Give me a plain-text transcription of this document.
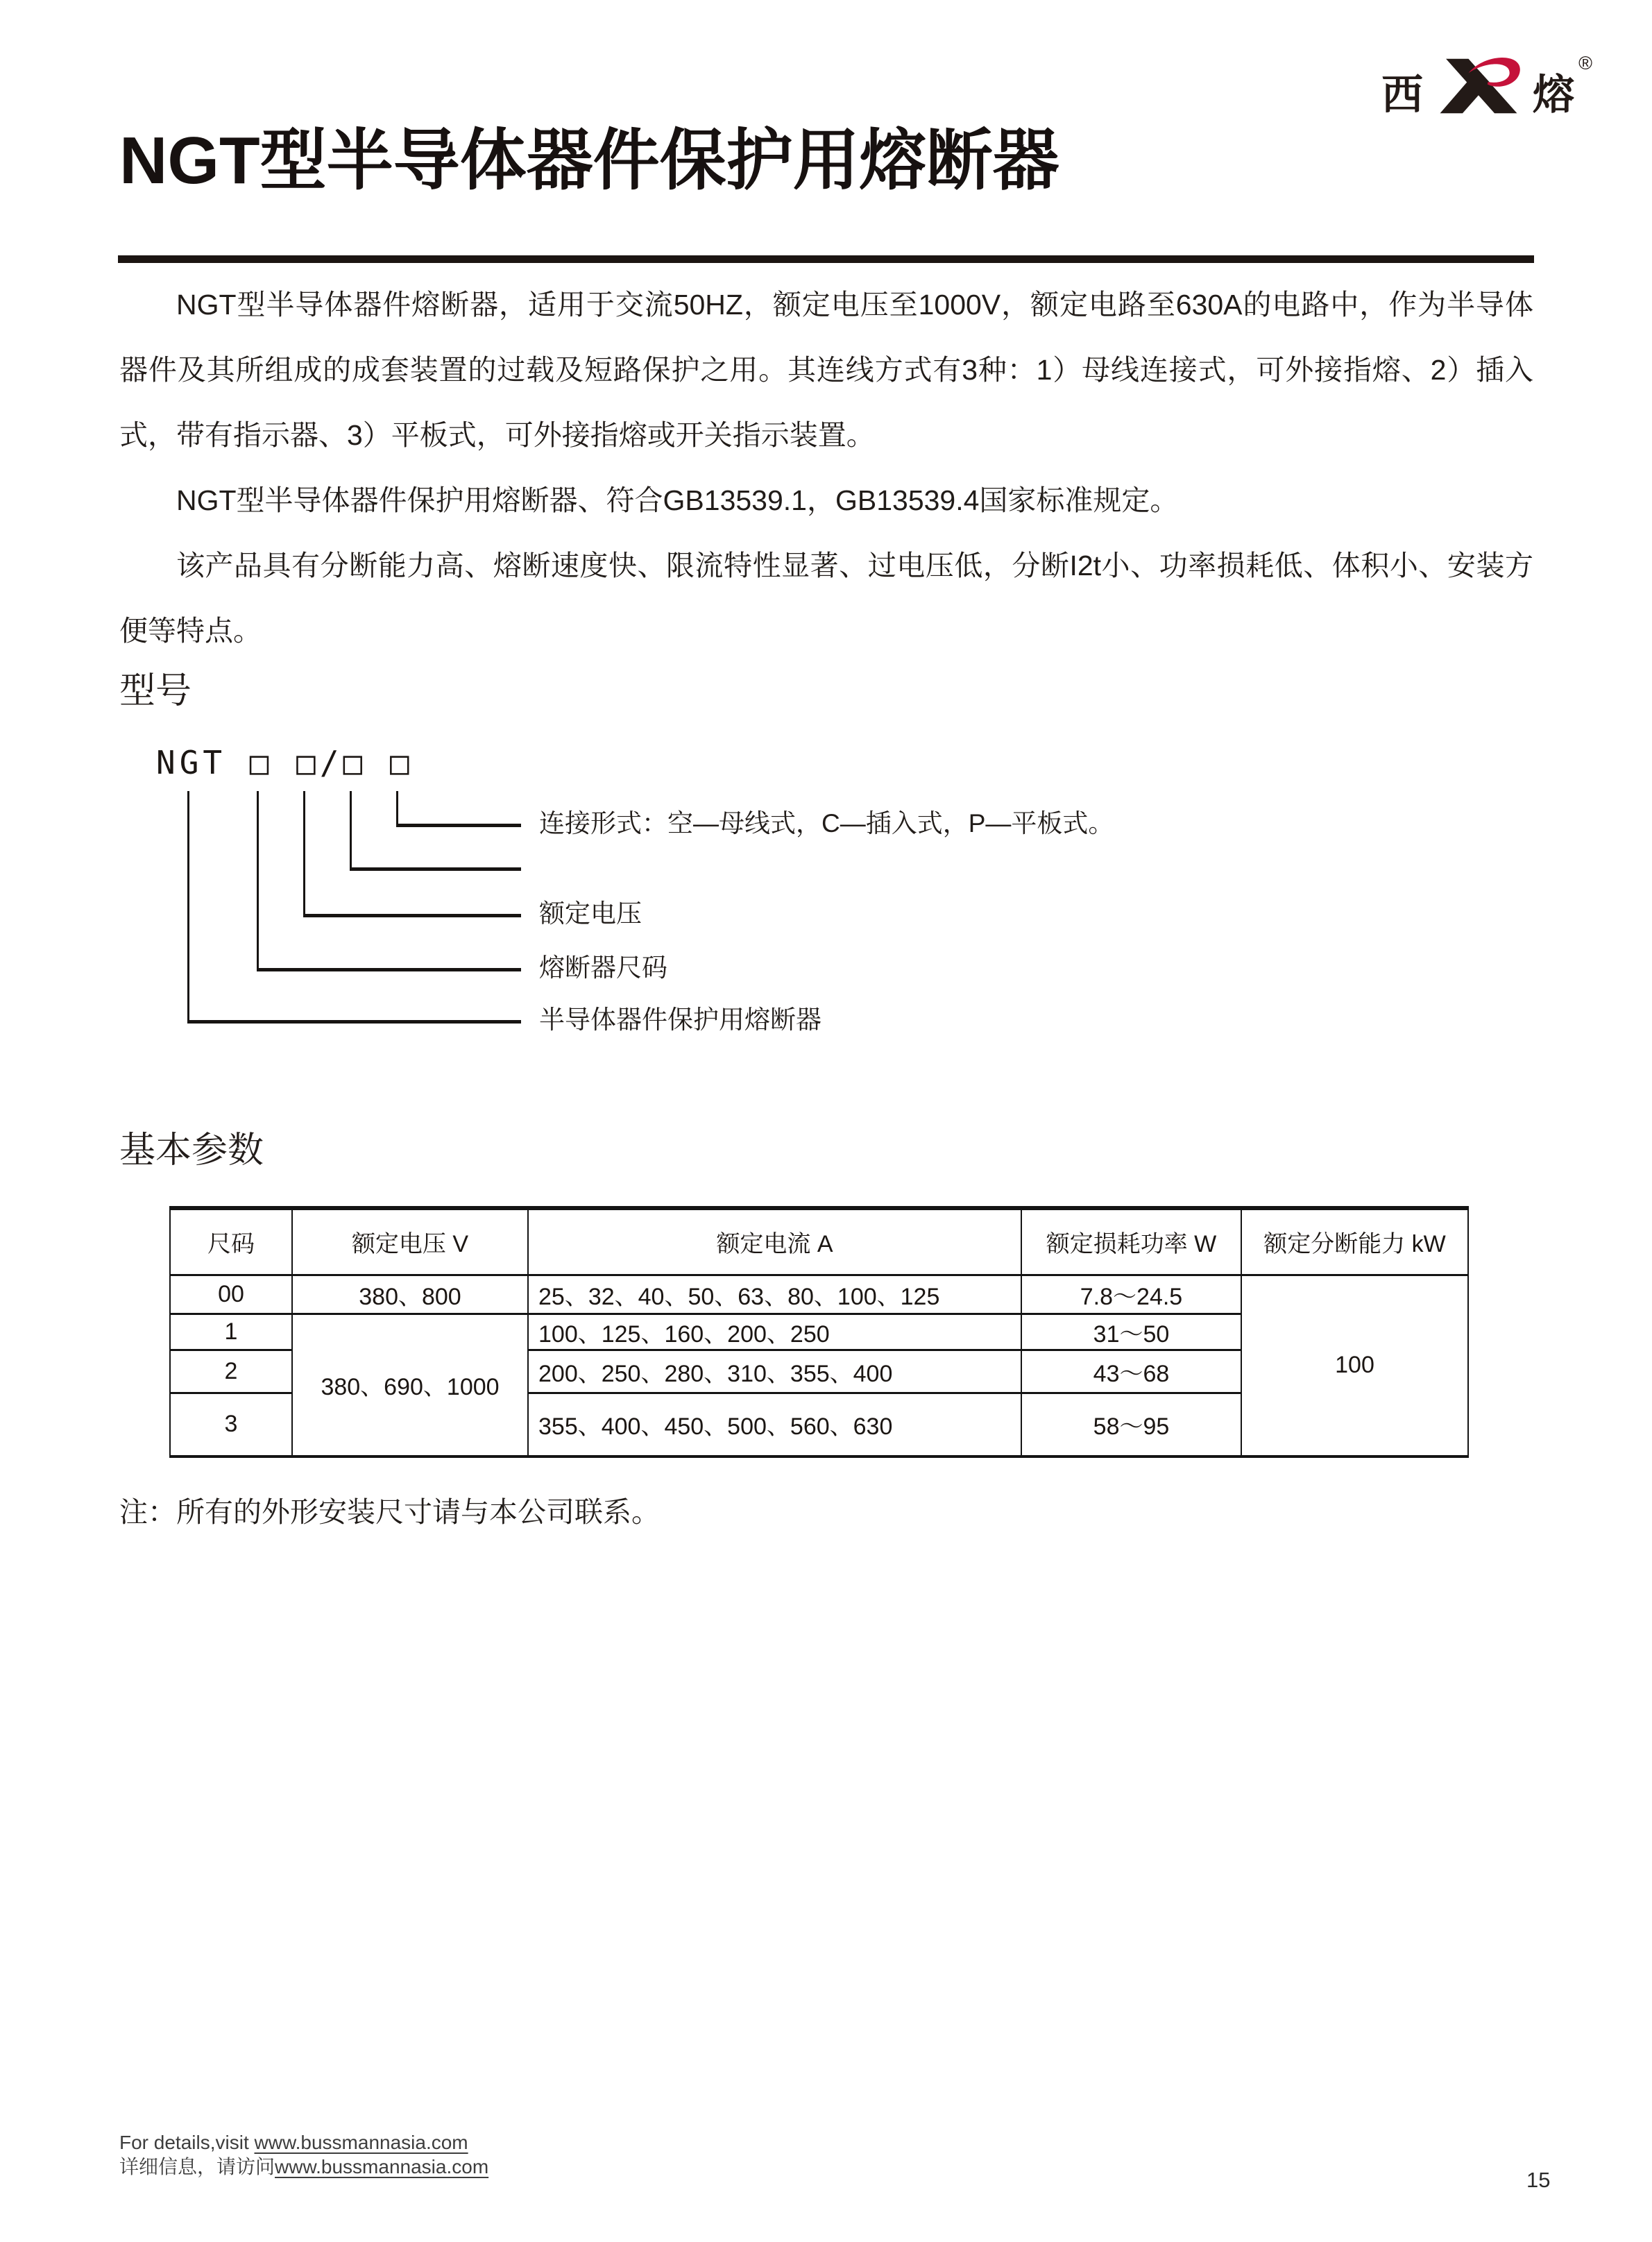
西	熔
®
NGT型半导体器件保护用熔断器

NGT型半导体器件熔断器，适用于交流50HZ，额定电压至1000V，额定电路至630A的电路中，作为半导体器件及其所组成的成套装置的过载及短路保护之用。其连线方式有3种：1）母线连接式，可外接指熔、2）插入式，带有指示器、3）平板式，可外接指熔或开关指示装置。

NGT型半导体器件保护用熔断器、符合GB13539.1，GB13539.4国家标准规定。

该产品具有分断能力高、熔断速度快、限流特性显著、过电压低，分断I2t小、功率损耗低、体积小、安装方便等特点。

型号
NGT □ □/□ □
连接形式：空—母线式，C—插入式，P—平板式。
额定电压
熔断器尺码
半导体器件保护用熔断器
基本参数
尺码	额定电压 V	额定电流 A	额定损耗功率 W	额定分断能力 kW
00	380、800	25、32、40、50、63、80、100、125	7.8～24.5	100
1	380、690、1000	100、125、160、200、250	31～50	
2		200、250、280、310、355、400	43～68	
3		355、400、450、500、560、630	58～95	
注：所有的外形安装尺寸请与本公司联系。
For details,visit www.bussmannasia.com
详细信息，请访问www.bussmannasia.com
15
